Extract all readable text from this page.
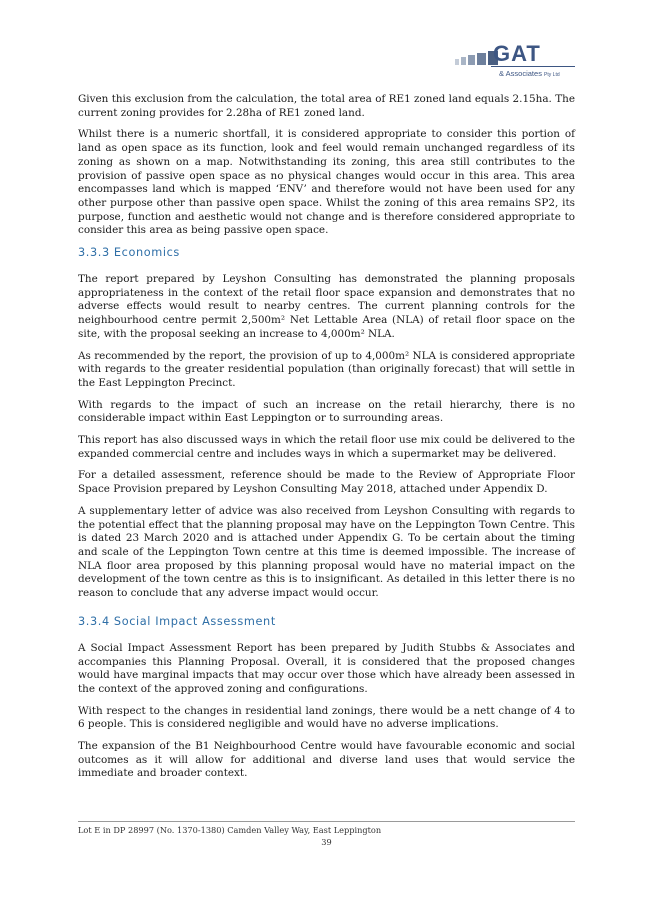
GAT
& Associates Pty Ltd

Given this exclusion from the calculation, the total area of RE1 zoned land equals 2.15ha. The current zoning provides for 2.28ha of RE1 zoned land.

Whilst there is a numeric shortfall, it is considered appropriate to consider this portion of land as open space as its function, look and feel would remain unchanged regardless of its zoning as shown on a map. Notwithstanding its zoning, this area still contributes to the provision of passive open space as no physical changes would occur in this area. This area encompasses land which is mapped ‘ENV’ and therefore would not have been used for any other purpose other than passive open space. Whilst the zoning of this area remains SP2, its purpose, function and aesthetic would not change and is therefore considered appropriate to consider this area as being passive open space.

3.3.3 Economics

The report prepared by Leyshon Consulting has demonstrated the planning proposals appropriateness in the context of the retail floor space expansion and demonstrates that no adverse effects would result to nearby centres. The current planning controls for the neighbourhood centre permit 2,500m² Net Lettable Area (NLA) of retail floor space on the site, with the proposal seeking an increase to 4,000m² NLA.

As recommended by the report, the provision of up to 4,000m² NLA is considered appropriate with regards to the greater residential population (than originally forecast) that will settle in the East Leppington Precinct.

With regards to the impact of such an increase on the retail hierarchy, there is no considerable impact within East Leppington or to surrounding areas.

This report has also discussed ways in which the retail floor use mix could be delivered to the expanded commercial centre and includes ways in which a supermarket may be delivered.

For a detailed assessment, reference should be made to the Review of Appropriate Floor Space Provision prepared by Leyshon Consulting May 2018, attached under Appendix D.

A supplementary letter of advice was also received from Leyshon Consulting with regards to the potential effect that the planning proposal may have on the Leppington Town Centre. This is dated 23 March 2020 and is attached under Appendix G. To be certain about the timing and scale of the Leppington Town centre at this time is deemed impossible. The increase of NLA floor area proposed by this planning proposal would have no material impact on the development of the town centre as this is to insignificant. As detailed in this letter there is no reason to conclude that any adverse impact would occur.

3.3.4 Social Impact Assessment

A Social Impact Assessment Report has been prepared by Judith Stubbs & Associates and accompanies this Planning Proposal. Overall, it is considered that the proposed changes would have marginal impacts that may occur over those which have already been assessed in the context of the approved zoning and configurations.

With respect to the changes in residential land zonings, there would be a nett change of 4 to 6 people. This is considered negligible and would have no adverse implications.

The expansion of the B1 Neighbourhood Centre would have favourable economic and social outcomes as it will allow for additional and diverse land uses that would service the immediate and broader context.

Lot E in DP 28997 (No. 1370-1380) Camden Valley Way, East Leppington
39
